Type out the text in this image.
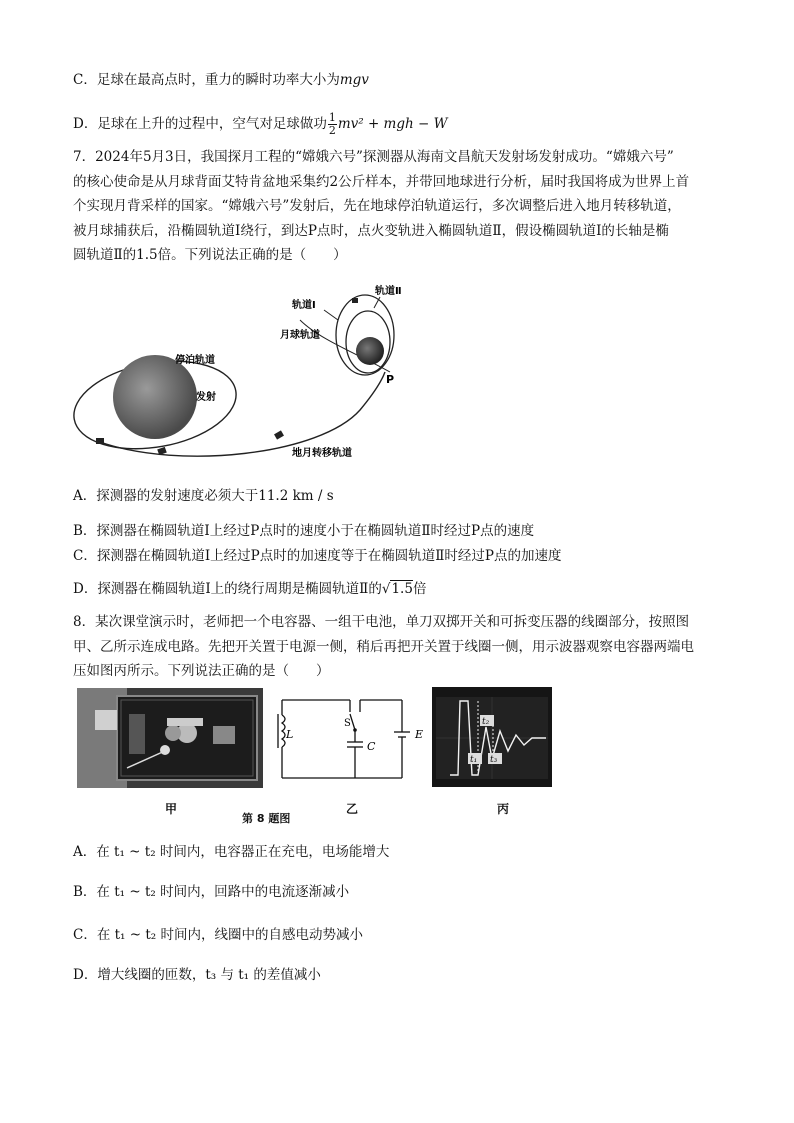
C．足球在最高点时，重力的瞬时功率大小为mgv
D．足球在上升的过程中，空气对足球做功 $\frac{1}{2} mv^2$ + mgh − W

7．2024年5月3日，我国探月工程的“嫦娥六号”探测器从海南文昌航天发射场发射成功。“嫦娥六号”

的核心使命是从月球背面艾特肯盆地采集约2公斤样本，并带回地球进行分析，届时我国将成为世界上首

个实现月背采样的国家。“嫦娥六号”发射后，先在地球停泊轨道运行，多次调整后进入地月转移轨道，

被月球捕获后，沿椭圆轨道Ⅰ绕行，到达P点时，点火变轨进入椭圆轨道Ⅱ，假设椭圆轨道Ⅰ的长轴是椭

圆轨道Ⅱ的1.5倍。下列说法正确的是（　　）

停泊轨道
发射
地月转移轨道
轨道Ⅰ
轨道Ⅱ
月球轨道
P
A．探测器的发射速度必须大于11.2 km / s
B．探测器在椭圆轨道Ⅰ上经过P点时的速度小于在椭圆轨道Ⅱ时经过P点的速度
C．探测器在椭圆轨道Ⅰ上经过P点时的加速度等于在椭圆轨道Ⅱ时经过P点的加速度
D．探测器在椭圆轨道Ⅰ上的绕行周期是椭圆轨道Ⅱ的√1.5倍

8．某次课堂演示时，老师把一个电容器、一组干电池，单刀双掷开关和可拆变压器的线圈部分，按照图

甲、乙所示连成电路。先把开关置于电源一侧，稍后再把开关置于线圈一侧，用示波器观察电容器两端电

压如图丙所示。下列说法正确的是（　　）

L
S
C
E
t₂
t₁ t₃
甲
第 8 题图
乙	丙
A．在 t₁ ~ t₂ 时间内，电容器正在充电，电场能增大
B．在 t₁ ~ t₂ 时间内，回路中的电流逐渐减小
C．在 t₁ ~ t₂ 时间内，线圈中的自感电动势减小
D．增大线圈的匝数，t₃ 与 t₁ 的差值减小
